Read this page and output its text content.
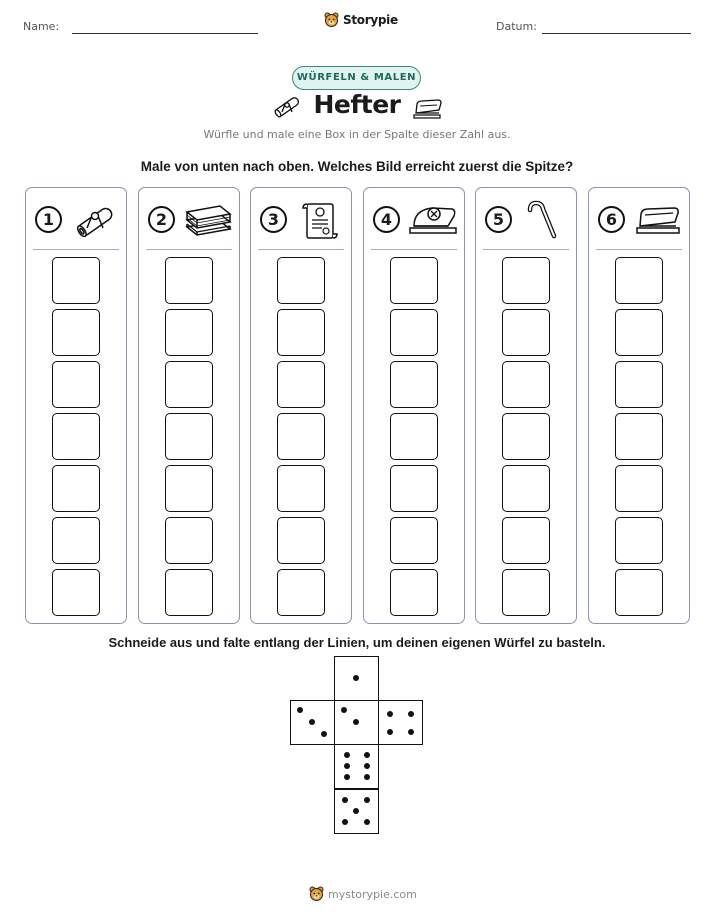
Name:	Storypie	Datum:
WÜRFELN & MALEN
Hefter
Würfle und male eine Box in der Spalte dieser Zahl aus.
Male von unten nach oben. Welches Bild erreicht zuerst die Spitze?
1	2	3	4	5	6
Schneide aus und falte entlang der Linien, um deinen eigenen Würfel zu basteln.
mystorypie.com
